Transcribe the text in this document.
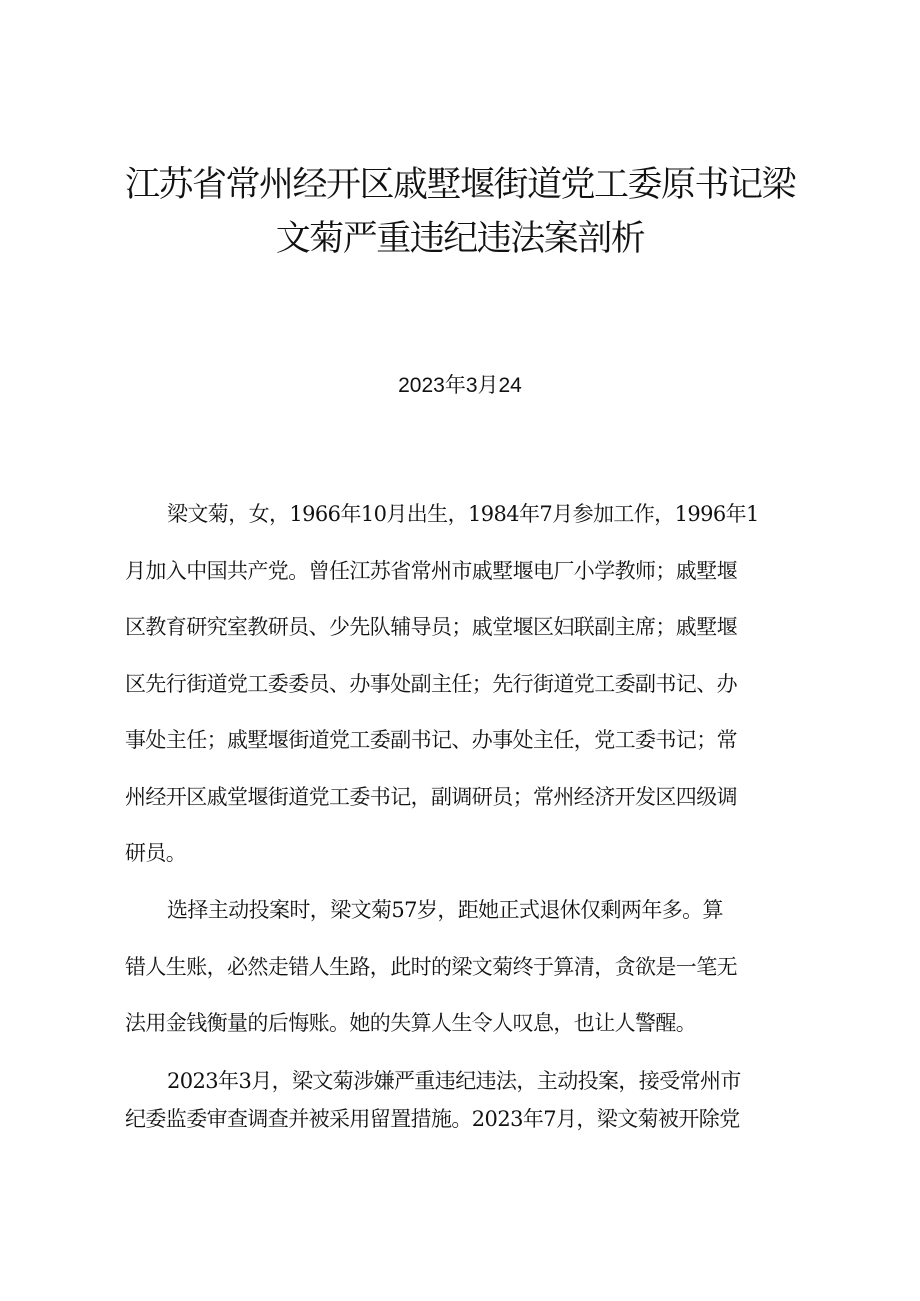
江苏省常州经开区戚墅堰街道党工委原书记梁
文菊严重违纪违法案剖析
2023年3月24

梁文菊，女，1966年10月出生，1984年7月参加工作，1996年1
月加入中国共产党。曾任江苏省常州市戚墅堰电厂小学教师；戚墅堰
区教育研究室教研员、少先队辅导员；戚堂堰区妇联副主席；戚墅堰
区先行街道党工委委员、办事处副主任；先行街道党工委副书记、办
事处主任；戚墅堰街道党工委副书记、办事处主任，党工委书记；常
州经开区戚堂堰街道党工委书记，副调研员；常州经济开发区四级调
研员。

选择主动投案时，梁文菊57岁，距她正式退休仅剩两年多。算
错人生账，必然走错人生路，此时的梁文菊终于算清，贪欲是一笔无
法用金钱衡量的后悔账。她的失算人生令人叹息，也让人警醒。

2023年3月，梁文菊涉嫌严重违纪违法，主动投案，接受常州市
纪委监委审查调查并被采用留置措施。2023年7月，梁文菊被开除党
